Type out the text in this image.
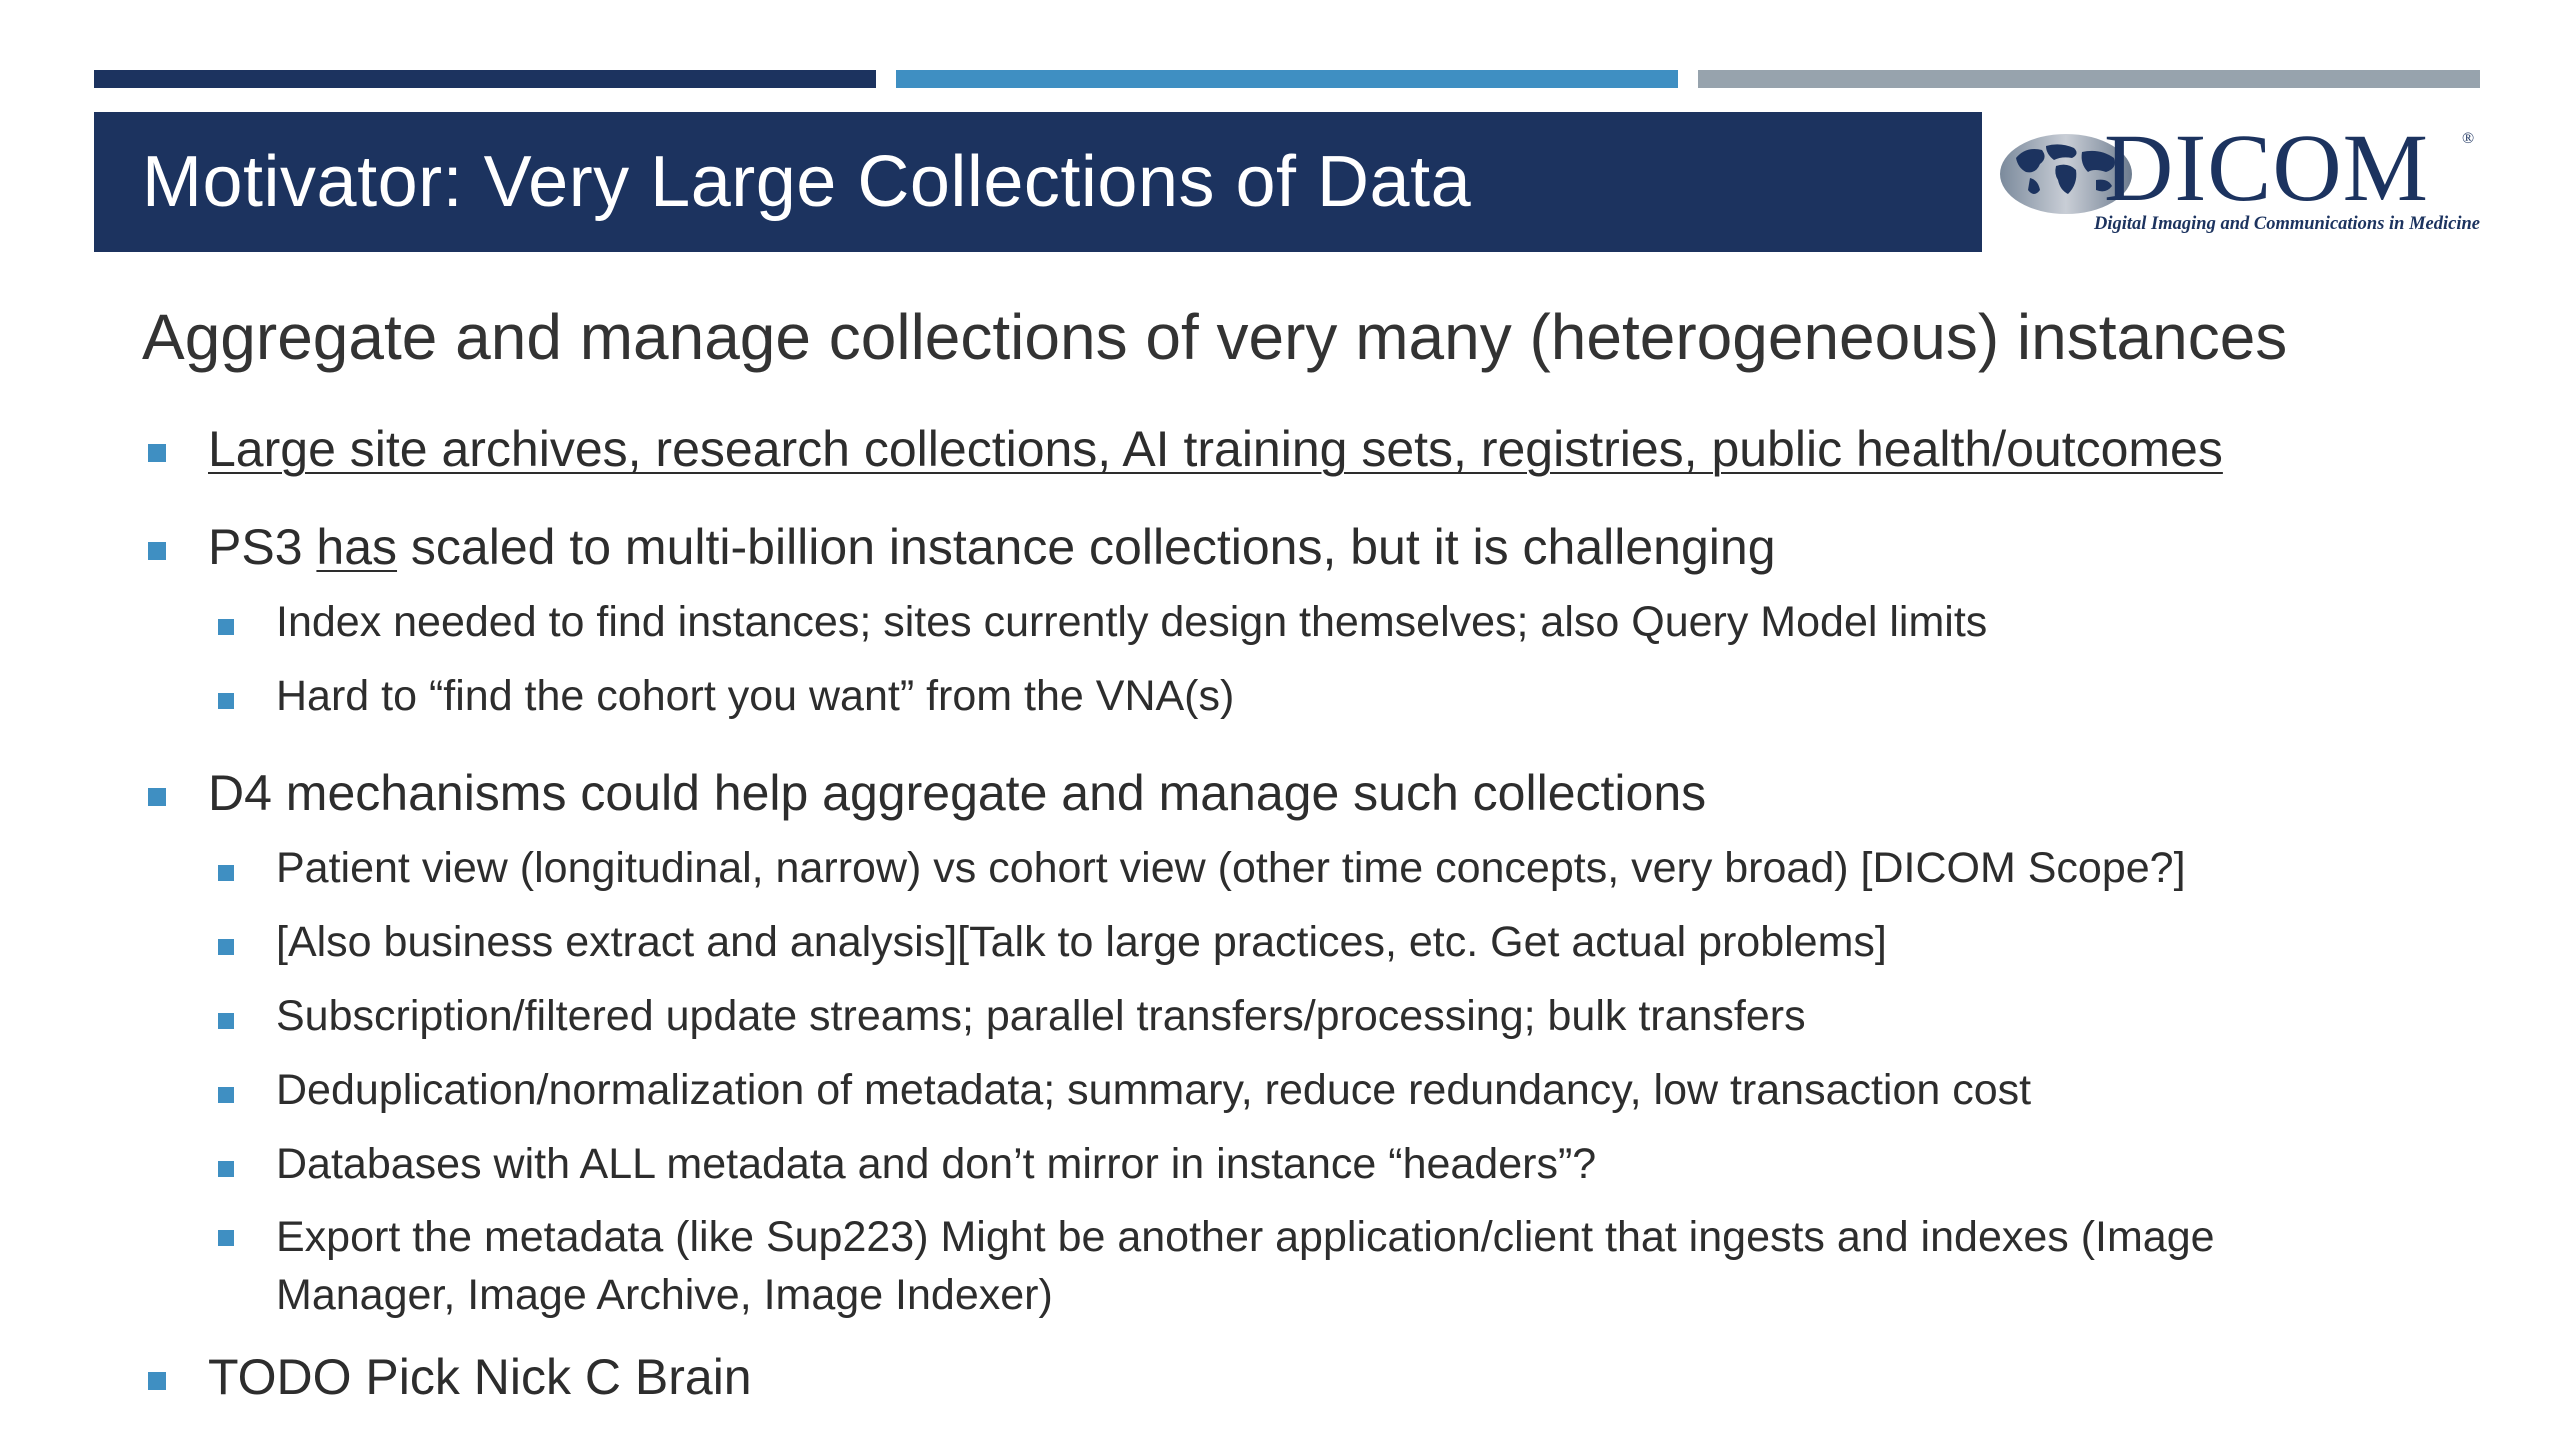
Motivator: Very Large Collections of Data	DICOM ®
Digital Imaging and Communications in Medicine
Aggregate and manage collections of very many (heterogeneous) instances
Large site archives, research collections, AI training sets, registries, public health/outcomes
PS3 has scaled to multi-billion instance collections, but it is challenging
Index needed to find instances; sites currently design themselves; also Query Model limits
Hard to “find the cohort you want” from the VNA(s)
D4 mechanisms could help aggregate and manage such collections
Patient view (longitudinal, narrow) vs cohort view (other time concepts, very broad) [DICOM Scope?]
[Also business extract and analysis][Talk to large practices, etc. Get actual problems]
Subscription/filtered update streams; parallel transfers/processing; bulk transfers
Deduplication/normalization of metadata; summary, reduce redundancy, low transaction cost
Databases with ALL metadata and don’t mirror in instance “headers”?
Export the metadata (like Sup223) Might be another application/client that ingests and indexes (Image
Manager, Image Archive, Image Indexer)
TODO Pick Nick C Brain
